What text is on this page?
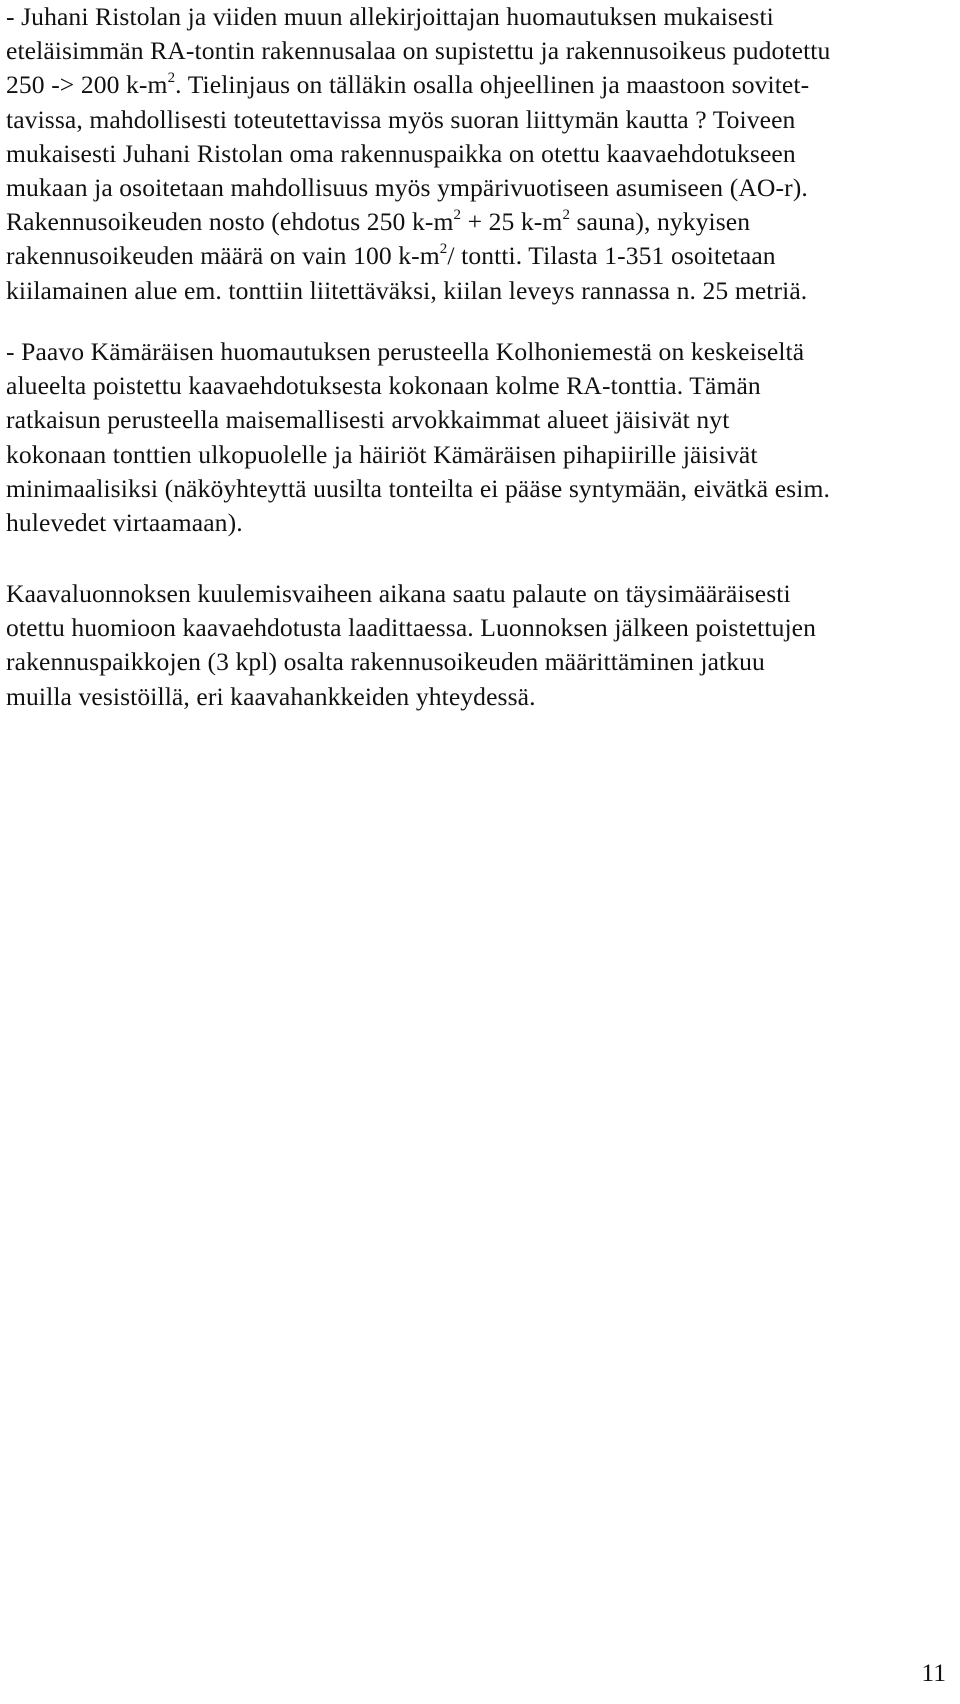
- Juhani Ristolan ja viiden muun allekirjoittajan huomautuksen mukaisesti
eteläisimmän RA-tontin rakennusalaa on supistettu ja rakennusoikeus pudotettu
250 -> 200 $k-m^2$. Tielinjaus on tälläkin osalla ohjeellinen ja maastoon sovitet-
tavissa, mahdollisesti toteutettavissa myös suoran liittymän kautta ? Toiveen
mukaisesti Juhani Ristolan oma rakennuspaikka on otettu kaavaehdotukseen
mukaan ja osoitetaan mahdollisuus myös ympärivuotiseen asumiseen (AO-r).
Rakennusoikeuden nosto (ehdotus 250 $k-m^2 + 25$ $k-m^2$ sauna), nykyisen
rakennusoikeuden määrä on vain 100 $k-m^2/$ tontti. Tilasta 1-351 osoitetaan
kiilamainen alue em. tonttiin liitettäväksi, kiilan leveys rannassa n. 25 metriä.
- Paavo Kämäräisen huomautuksen perusteella Kolhoniemestä on keskeiseltä
alueelta poistettu kaavaehdotuksesta kokonaan kolme RA-tonttia. Tämän
ratkaisun perusteella maisemallisesti arvokkaimmat alueet jäisivät nyt
kokonaan tonttien ulkopuolelle ja häiriöt Kämäräisen pihapiirille jäisivät
minimaalisiksi (näköyhteyttä uusilta tonteilta ei pääse syntymään, eivätkä esim.
hulevedet virtaamaan).
Kaavaluonnoksen kuulemisvaiheen aikana saatu palaute on täysimääräisesti
otettu huomioon kaavaehdotusta laadittaessa. Luonnoksen jälkeen poistettujen
rakennuspaikkojen (3 kpl) osalta rakennusoikeuden määrittäminen jatkuu
muilla vesistöillä, eri kaavahankkeiden yhteydessä.
11
